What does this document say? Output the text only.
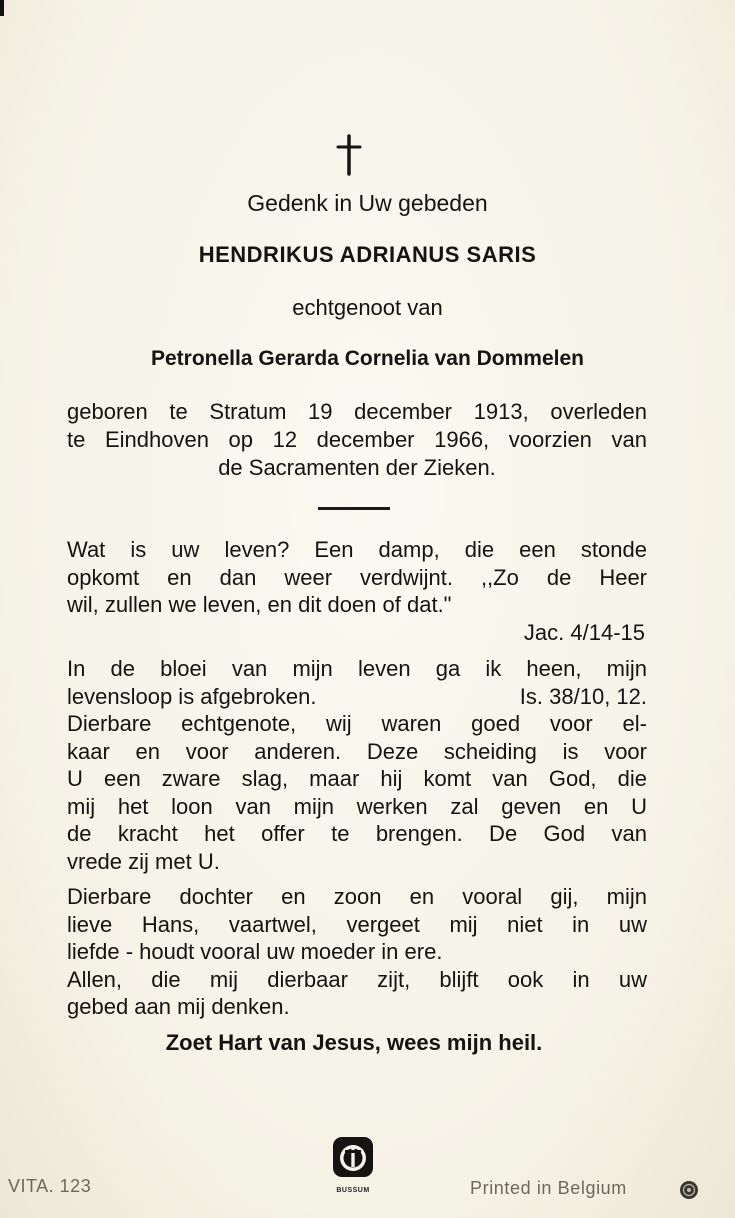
Gedenk in Uw gebeden
HENDRIKUS ADRIANUS SARIS
echtgenoot van
Petronella Gerarda Cornelia van Dommelen
geboren te Stratum 19 december 1913, overleden
te Eindhoven op 12 december 1966, voorzien van
de Sacramenten der Zieken.
Wat is uw leven? Een damp, die een stonde
opkomt en dan weer verdwijnt. ,,Zo de Heer
wil, zullen we leven, en dit doen of dat."
Jac. 4/14-15
In de bloei van mijn leven ga ik heen, mijn
levensloop is afgebroken.	Is. 38/10, 12.
Dierbare echtgenote, wij waren goed voor el-
kaar en voor anderen. Deze scheiding is voor
U een zware slag, maar hij komt van God, die
mij het loon van mijn werken zal geven en U
de kracht het offer te brengen. De God van
vrede zij met U.
Dierbare dochter en zoon en vooral gij, mijn
lieve Hans, vaartwel, vergeet mij niet in uw
liefde - houdt vooral uw moeder in ere.
Allen, die mij dierbaar zijt, blijft ook in uw
gebed aan mij denken.
Zoet Hart van Jesus, wees mijn heil.
VITA. 123	BUSSUM	Printed in Belgium
